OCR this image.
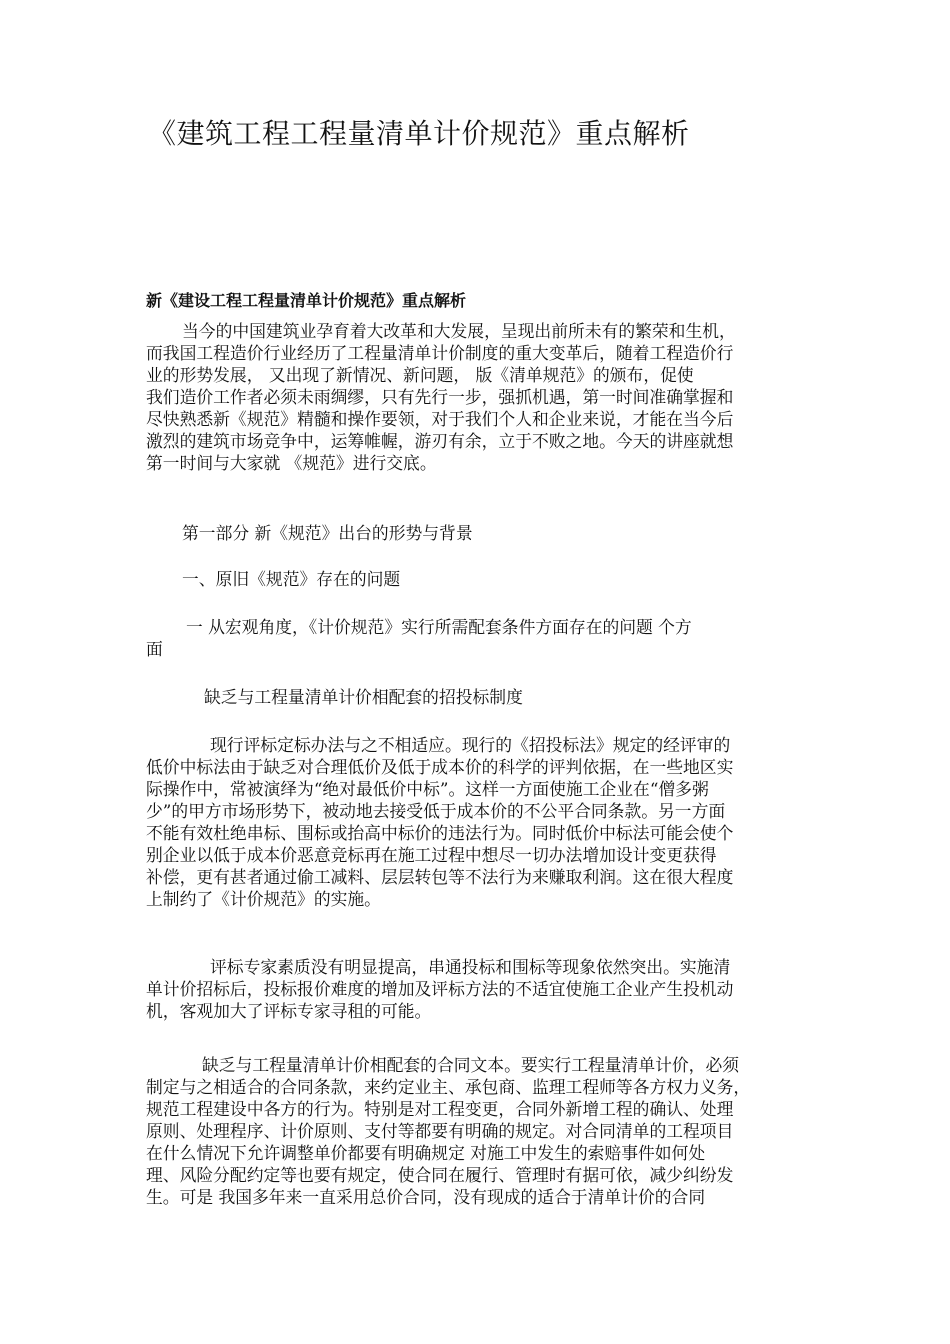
《建筑工程工程量清单计价规范》重点解析
新《建设工程工程量清单计价规范》重点解析
当今的中国建筑业孕育着大改革和大发展，呈现出前所未有的繁荣和生机，
而我国工程造价行业经历了工程量清单计价制度的重大变革后，随着工程造价行
业的形势发展， 又出现了新情况、新问题， 版《清单规范》的颁布，促使
我们造价工作者必须未雨绸缪，只有先行一步，强抓机遇，第一时间准确掌握和
尽快熟悉新《规范》精髓和操作要领，对于我们个人和企业来说，才能在当今后
激烈的建筑市场竞争中，运筹帷幄，游刃有余，立于不败之地。今天的讲座就想
第一时间与大家就 《规范》进行交底。

第一部分 新《规范》出台的形势与背景

一、原旧《规范》存在的问题

一 从宏观角度，《计价规范》实行所需配套条件方面存在的问题 个方
面

缺乏与工程量清单计价相配套的招投标制度

现行评标定标办法与之不相适应。现行的《招投标法》规定的经评审的
低价中标法由于缺乏对合理低价及低于成本价的科学的评判依据，在一些地区实
际操作中，常被演绎为“绝对最低价中标”。这样一方面使施工企业在“僧多粥
少”的甲方市场形势下，被动地去接受低于成本价的不公平合同条款。另一方面
不能有效杜绝串标、围标或抬高中标价的违法行为。同时低价中标法可能会使个
别企业以低于成本价恶意竞标再在施工过程中想尽一切办法增加设计变更获得
补偿，更有甚者通过偷工减料、层层转包等不法行为来赚取利润。这在很大程度
上制约了《计价规范》的实施。
评标专家素质没有明显提高，串通投标和围标等现象依然突出。实施清
单计价招标后，投标报价难度的增加及评标方法的不适宜使施工企业产生投机动
机，客观加大了评标专家寻租的可能。
缺乏与工程量清单计价相配套的合同文本。要实行工程量清单计价，必须
制定与之相适合的合同条款，来约定业主、承包商、监理工程师等各方权力义务，
规范工程建设中各方的行为。特别是对工程变更，合同外新增工程的确认、处理
原则、处理程序、计价原则、支付等都要有明确的规定。对合同清单的工程项目
在什么情况下允许调整单价都要有明确规定 对施工中发生的索赔事件如何处
理、风险分配约定等也要有规定，使合同在履行、管理时有据可依，减少纠纷发
生。可是 我国多年来一直采用总价合同，没有现成的适合于清单计价的合同
